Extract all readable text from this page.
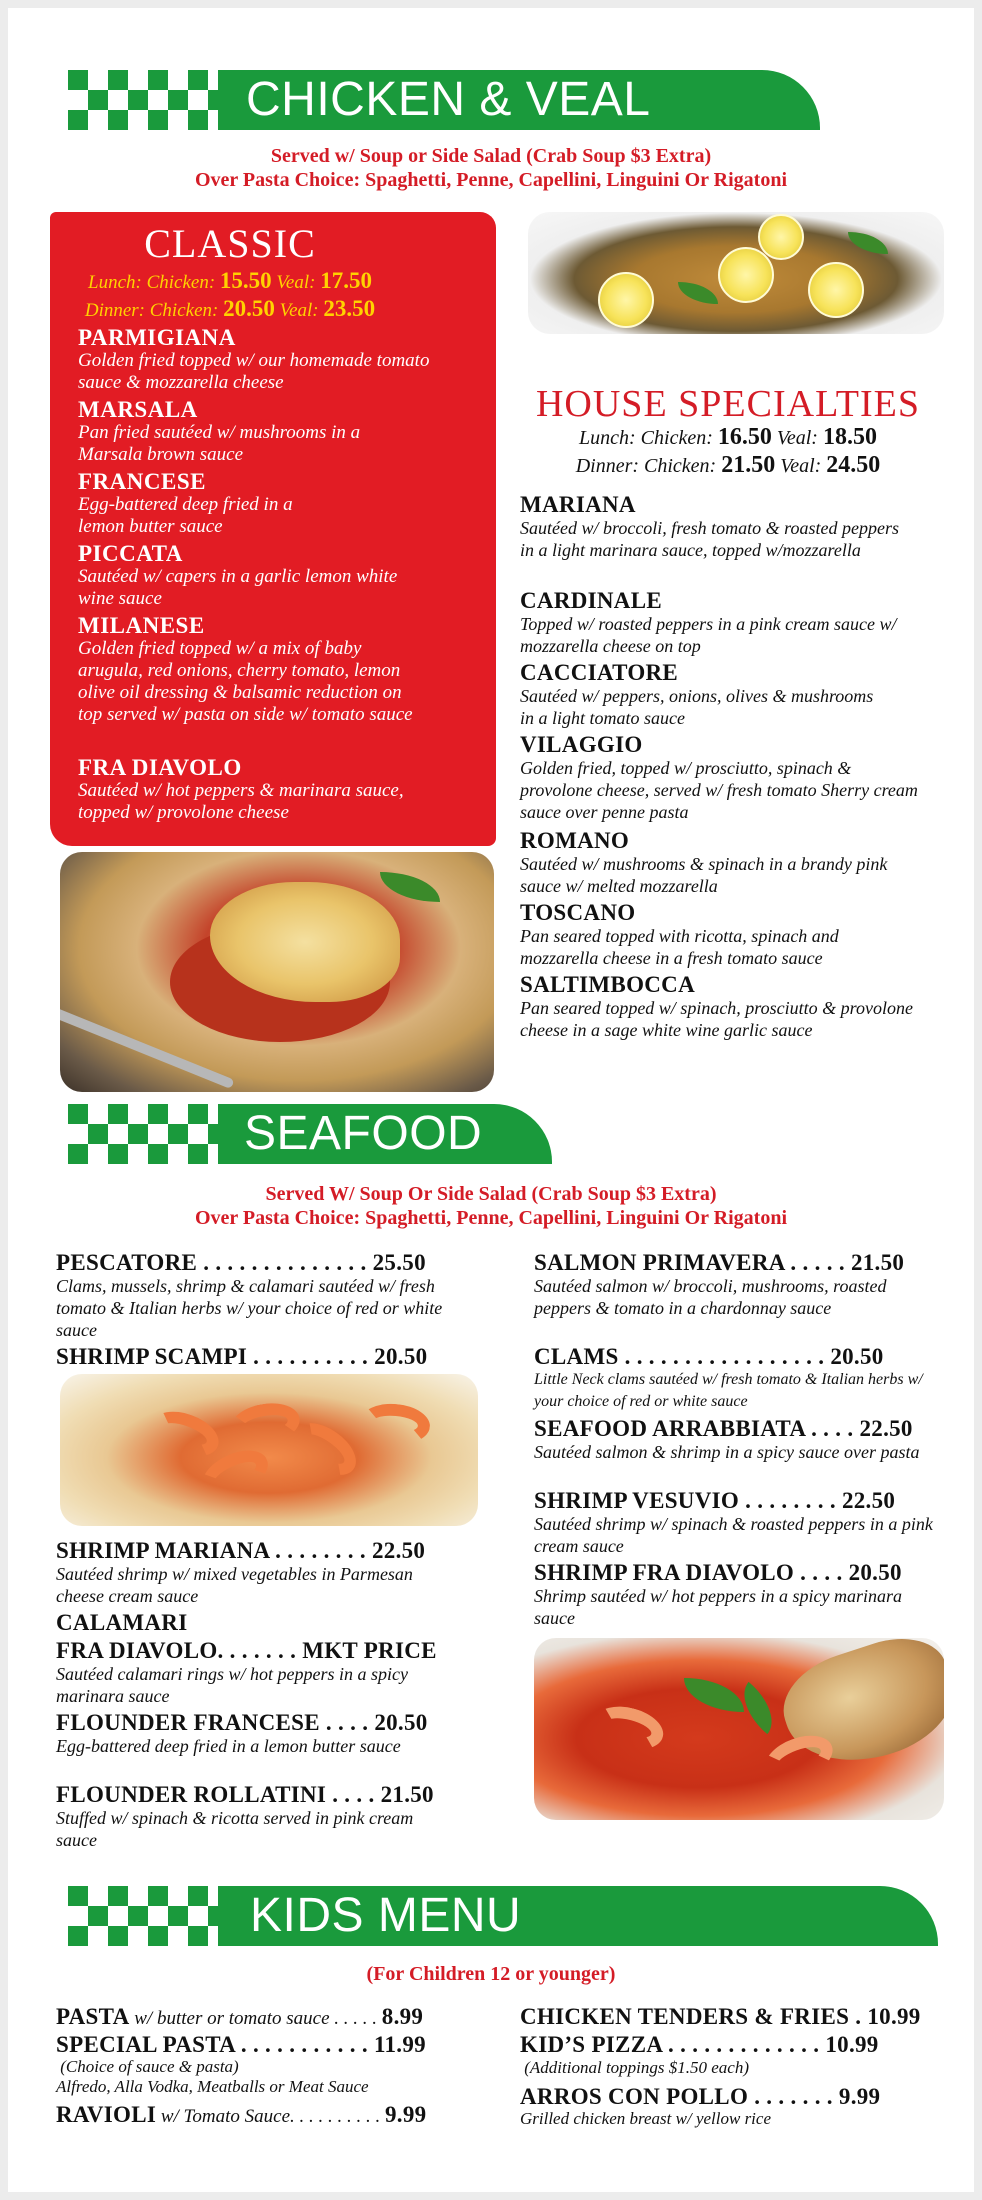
CHICKEN & VEAL
Served w/ Soup or Side Salad (Crab Soup $3 Extra)
Over Pasta Choice: Spaghetti, Penne, Capellini, Linguini Or Rigatoni
CLASSIC
Lunch: Chicken: 15.50 Veal: 17.50
Dinner: Chicken: 20.50 Veal: 23.50
PARMIGIANA
Golden fried topped w/ our homemade tomato sauce & mozzarella cheese
MARSALA
Pan fried sautéed w/ mushrooms in a Marsala brown sauce
FRANCESE
Egg-battered deep fried in a lemon butter sauce
PICCATA
Sautéed w/ capers in a garlic lemon white wine sauce
MILANESE
Golden fried topped w/ a mix of baby arugula, red onions, cherry tomato, lemon olive oil dressing & balsamic reduction on top served w/ pasta on side w/ tomato sauce
FRA DIAVOLO
Sautéed w/ hot peppers & marinara sauce, topped w/ provolone cheese
HOUSE SPECIALTIES
Lunch: Chicken: 16.50 Veal: 18.50
Dinner: Chicken: 21.50 Veal: 24.50
MARIANA
Sautéed w/ broccoli, fresh tomato & roasted peppers in a light marinara sauce, topped w/mozzarella
CARDINALE
Topped w/ roasted peppers in a pink cream sauce w/ mozzarella cheese on top
CACCIATORE
Sautéed w/ peppers, onions, olives & mushrooms in a light tomato sauce
VILAGGIO
Golden fried, topped w/ prosciutto, spinach & provolone cheese, served w/ fresh tomato Sherry cream sauce over penne pasta
ROMANO
Sautéed w/ mushrooms & spinach in a brandy pink sauce w/ melted mozzarella
TOSCANO
Pan seared topped with ricotta, spinach and mozzarella cheese in a fresh tomato sauce
SALTIMBOCCA
Pan seared topped w/ spinach, prosciutto & provolone cheese in a sage white wine garlic sauce
SEAFOOD
Served W/ Soup Or Side Salad (Crab Soup $3 Extra)
Over Pasta Choice: Spaghetti, Penne, Capellini, Linguini Or Rigatoni
PESCATORE . . . . . . . . . . . . . . 25.50
Clams, mussels, shrimp & calamari sautéed w/ fresh tomato & Italian herbs w/ your choice of red or white sauce
SHRIMP SCAMPI . . . . . . . . . . 20.50
SHRIMP MARIANA . . . . . . . . 22.50
Sautéed shrimp w/ mixed vegetables in Parmesan cheese cream sauce
CALAMARI
FRA DIAVOLO. . . . . . . MKT PRICE
Sautéed calamari rings w/ hot peppers in a spicy marinara sauce
FLOUNDER FRANCESE . . . . 20.50
Egg-battered deep fried in a lemon butter sauce
FLOUNDER ROLLATINI . . . . 21.50
Stuffed w/ spinach & ricotta served in pink cream sauce
SALMON PRIMAVERA . . . . . 21.50
Sautéed salmon w/ broccoli, mushrooms, roasted peppers & tomato in a chardonnay sauce
CLAMS . . . . . . . . . . . . . . . . . 20.50
Little Neck clams sautéed w/ fresh tomato & Italian herbs w/ your choice of red or white sauce
SEAFOOD ARRABBIATA . . . . 22.50
Sautéed salmon & shrimp in a spicy sauce over pasta
SHRIMP VESUVIO . . . . . . . . 22.50
Sautéed shrimp w/ spinach & roasted peppers in a pink cream sauce
SHRIMP FRA DIAVOLO . . . . 20.50
Shrimp sautéed w/ hot peppers in a spicy marinara sauce
KIDS MENU
(For Children 12 or younger)
PASTA w/ butter or tomato sauce . . . . . 8.99
SPECIAL PASTA . . . . . . . . . . . 11.99
(Choice of sauce & pasta)
Alfredo, Alla Vodka, Meatballs or Meat Sauce
RAVIOLI w/ Tomato Sauce. . . . . . . . . . 9.99
CHICKEN TENDERS & FRIES . 10.99
KID’S PIZZA . . . . . . . . . . . . . 10.99
(Additional toppings $1.50 each)
ARROS CON POLLO . . . . . . . 9.99
Grilled chicken breast w/ yellow rice
